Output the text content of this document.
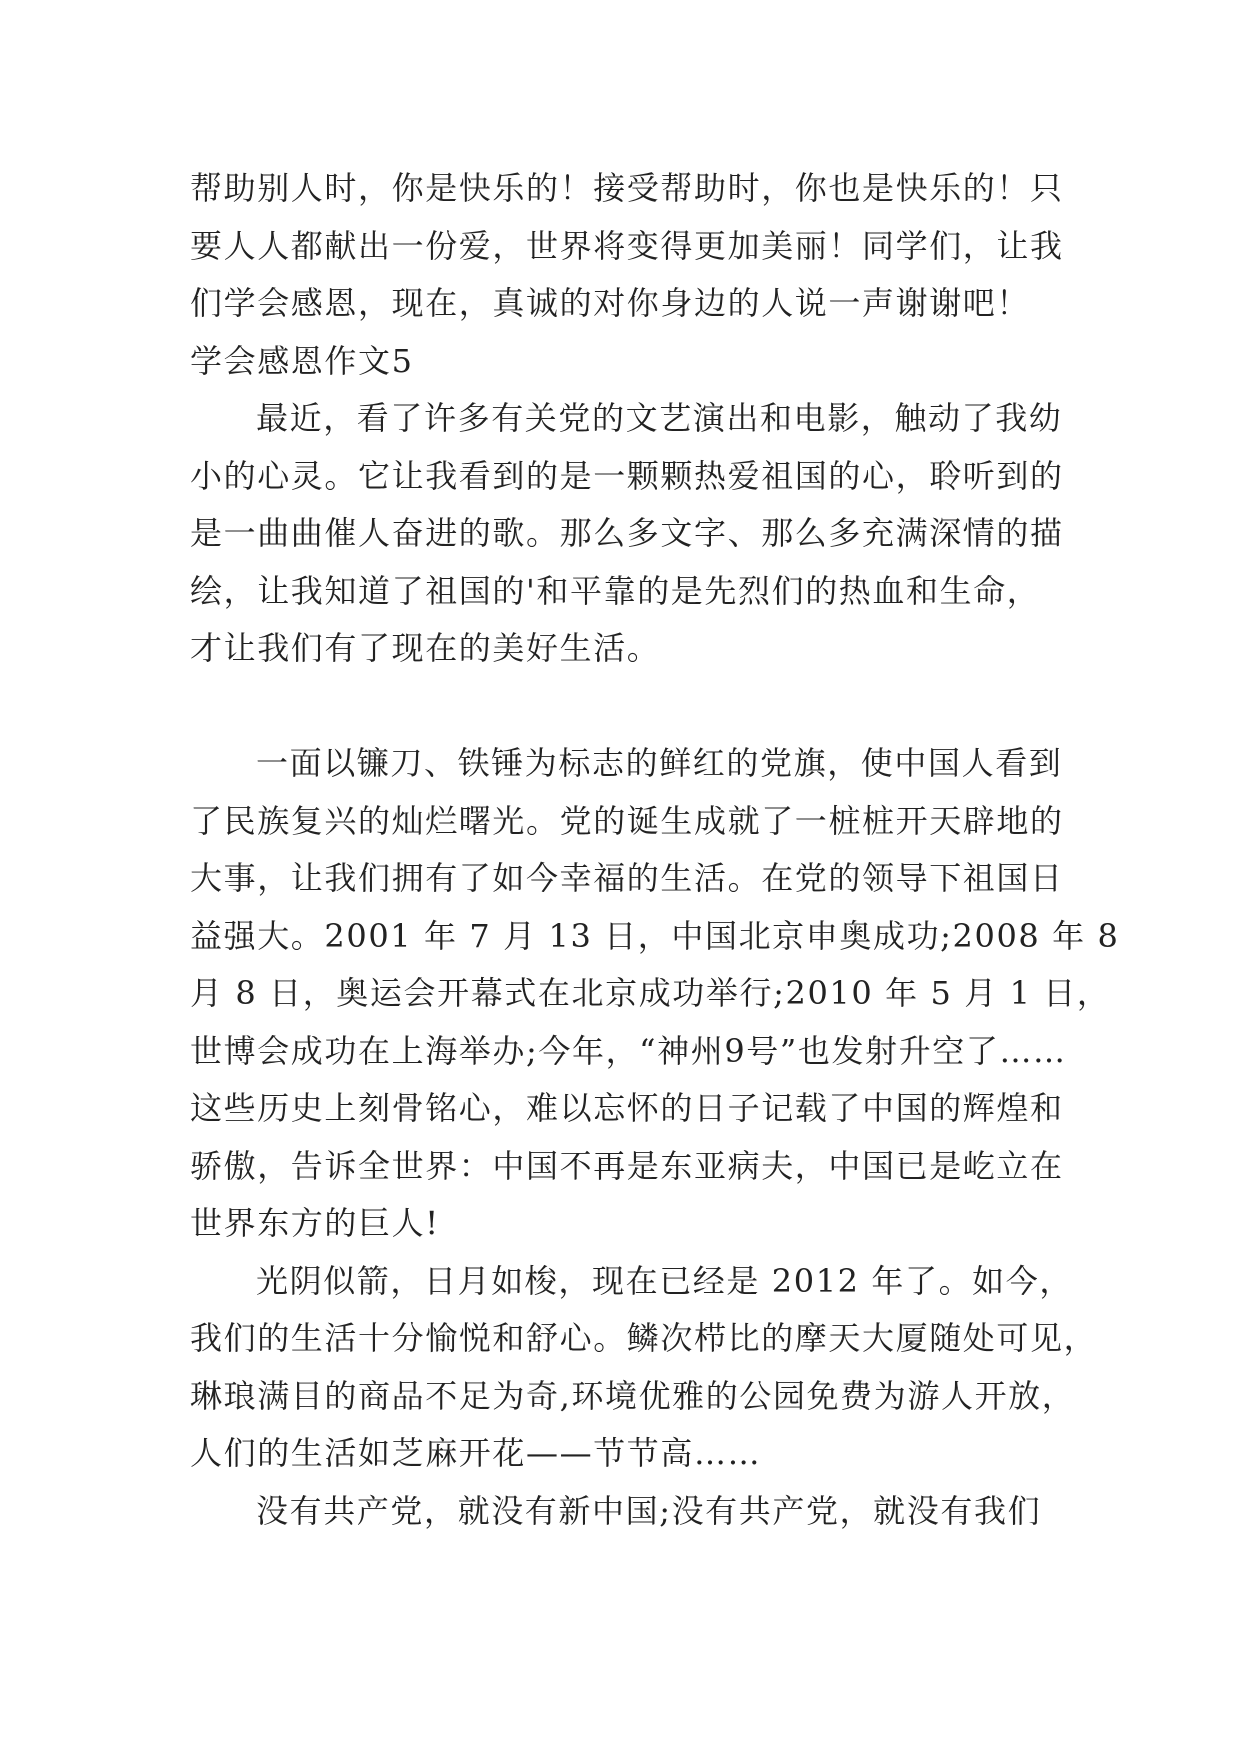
帮助别人时，你是快乐的！接受帮助时，你也是快乐的！只
要人人都献出一份爱，世界将变得更加美丽！同学们，让我
们学会感恩，现在，真诚的对你身边的人说一声谢谢吧！
学会感恩作文5
最近，看了许多有关党的文艺演出和电影，触动了我幼
小的心灵。它让我看到的是一颗颗热爱祖国的心，聆听到的
是一曲曲催人奋进的歌。那么多文字、那么多充满深情的描
绘，让我知道了祖国的'和平靠的是先烈们的热血和生命，
才让我们有了现在的美好生活。
一面以镰刀、铁锤为标志的鲜红的党旗，使中国人看到
了民族复兴的灿烂曙光。党的诞生成就了一桩桩开天辟地的
大事，让我们拥有了如今幸福的生活。在党的领导下祖国日
益强大。2001 年 7 月 13 日，中国北京申奥成功;2008 年 8
月 8 日，奥运会开幕式在北京成功举行;2010 年 5 月 1 日，
世博会成功在上海举办;今年，“神州9号”也发射升空了……
这些历史上刻骨铭心，难以忘怀的日子记载了中国的辉煌和
骄傲，告诉全世界：中国不再是东亚病夫，中国已是屹立在
世界东方的巨人!
光阴似箭，日月如梭，现在已经是 2012 年了。如今，
我们的生活十分愉悦和舒心。鳞次栉比的摩天大厦随处可见，
琳琅满目的商品不足为奇,环境优雅的公园免费为游人开放，
人们的生活如芝麻开花——节节高……
没有共产党，就没有新中国;没有共产党，就没有我们
